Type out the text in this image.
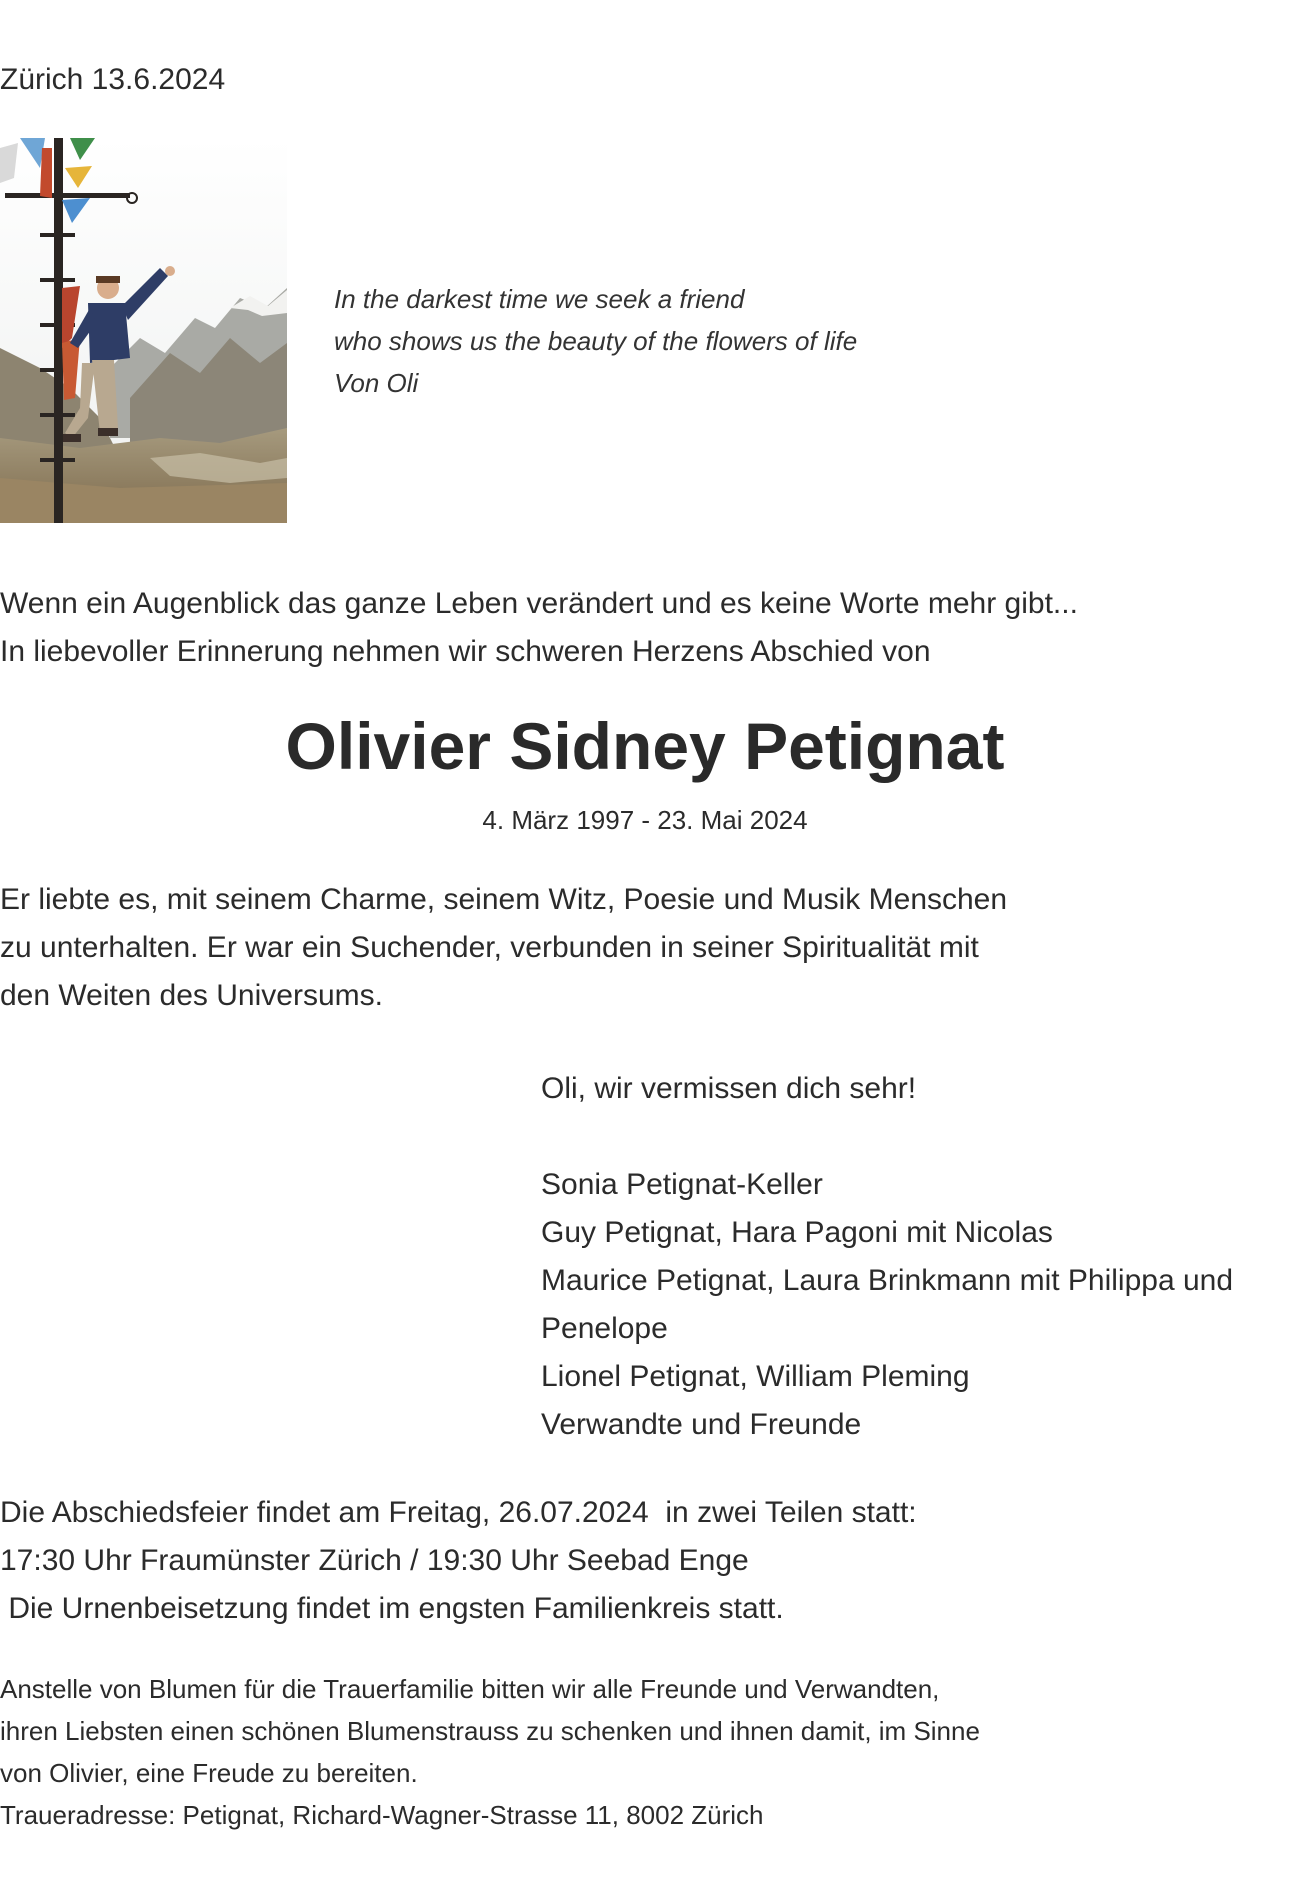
Zürich 13.6.2024
In the darkest time we seek a friend
who shows us the beauty of the flowers of life
Von Oli
Wenn ein Augenblick das ganze Leben verändert und es keine Worte mehr gibt...
In liebevoller Erinnerung nehmen wir schweren Herzens Abschied von
Olivier Sidney Petignat
4. März 1997 - 23. Mai 2024
Er liebte es, mit seinem Charme, seinem Witz, Poesie und Musik Menschen
zu unterhalten. Er war ein Suchender, verbunden in seiner Spiritualität mit
den Weiten des Universums.
Oli, wir vermissen dich sehr!
Sonia Petignat-Keller
Guy Petignat, Hara Pagoni mit Nicolas
Maurice Petignat, Laura Brinkmann mit Philippa und
Penelope
Lionel Petignat, William Pleming
Verwandte und Freunde
Die Abschiedsfeier findet am Freitag, 26.07.2024  in zwei Teilen statt:
17:30 Uhr Fraumünster Zürich / 19:30 Uhr Seebad Enge
Die Urnenbeisetzung findet im engsten Familienkreis statt.
Anstelle von Blumen für die Trauerfamilie bitten wir alle Freunde und Verwandten,
ihren Liebsten einen schönen Blumenstrauss zu schenken und ihnen damit, im Sinne
von Olivier, eine Freude zu bereiten.
Traueradresse: Petignat, Richard-Wagner-Strasse 11, 8002 Zürich
